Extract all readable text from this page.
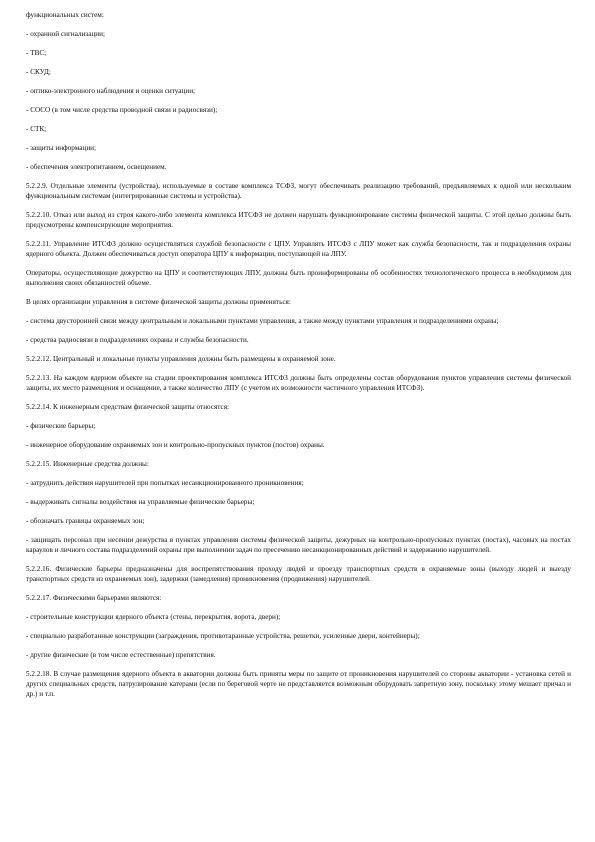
функциональных систем:

- охранной сигнализации;

- ТВС;

- СКУД;

- оптико-электронного наблюдения и оценки ситуации;

- СОСО (в том числе средства проводной связи и радиосвязи);

- СТК;

- защиты информации;

- обеспечения электропитанием, освещением.

5.2.2.9. Отдельные элементы (устройства), используемые в составе комплекса ТСФЗ, могут обеспечивать реализацию требований, предъявляемых к одной или нескольким функциональным системам (интегрированные системы и устройства).

5.2.2.10. Отказ или выход из строя какого-либо элемента комплекса ИТСФЗ не должен нарушать функционирование системы физической защиты. С этой целью должны быть предусмотрены компенсирующие мероприятия.

5.2.2.11. Управление ИТСФЗ должно осуществляться службой безопасности с ЦПУ. Управлять ИТСФЗ с ЛПУ может как служба безопасности, так и подразделения охраны ядерного объекта. Должен обеспечиваться доступ оператора ЦПУ к информации, поступающей на ЛПУ.

Операторы, осуществляющие дежурство на ЦПУ и соответствующих ЛПУ, должны быть проинформированы об особенностях технологического процесса в необходимом для выполнения своих обязанностей объеме.

В целях организации управления в системе физической защиты должны применяться:

- система двусторонней связи между центральным и локальными пунктами управления, а также между пунктами управления и подразделениями охраны;

- средства радиосвязи в подразделениях охраны и службы безопасности.

5.2.2.12. Центральный и локальные пункты управления должны быть размещены в охраняемой зоне.

5.2.2.13. На каждом ядерном объекте на стадии проектирования комплекса ИТСФЗ должны быть определены состав оборудования пунктов управления системы физической защиты, их место размещения и оснащение, а также количество ЛПУ (с учетом их возможности частичного управления ИТСФЗ).

5.2.2.14. К инженерным средствам физической защиты относятся:

- физические барьеры;

- инженерное оборудование охраняемых зон и контрольно-пропускных пунктов (постов) охраны.

5.2.2.15. Инженерные средства должны:

- затруднить действия нарушителей при попытках несанкционированного проникновения;

- выдерживать сигналы воздействия на управляемые физические барьеры;

- обозначать границы охраняемых зон;

- защищать персонал при несении дежурства в пунктах управления системы физической защиты, дежурных на контрольно-пропускных пунктах (постах), часовых на постах караулов и личного состава подразделений охраны при выполнении задач по пресечению несанкционированных действий и задержанию нарушителей.

5.2.2.16. Физические барьеры предназначены для воспрепятствования проходу людей и проезду транспортных средств в охраняемые зоны (выходу людей и выезду транспортных средств из охраняемых зон), задержки (замедления) проникновения (продвижения) нарушителей.

5.2.2.17. Физическими барьерами являются:

- строительные конструкции ядерного объекта (стены, перекрытия, ворота, двери);

- специально разработанные конструкции (заграждения, противотаранные устройства, решетки, усиленные двери, контейнеры);

- другие физические (в том числе естественные) препятствия.

5.2.2.18. В случае размещения ядерного объекта в акватории должны быть приняты меры по защите от проникновения нарушителей со стороны акватории - установка сетей и других специальных средств, патрулирование катерами (если по береговой черте не представляется возможным оборудовать запретную зону, поскольку этому мешает причал и др.) и т.п.
